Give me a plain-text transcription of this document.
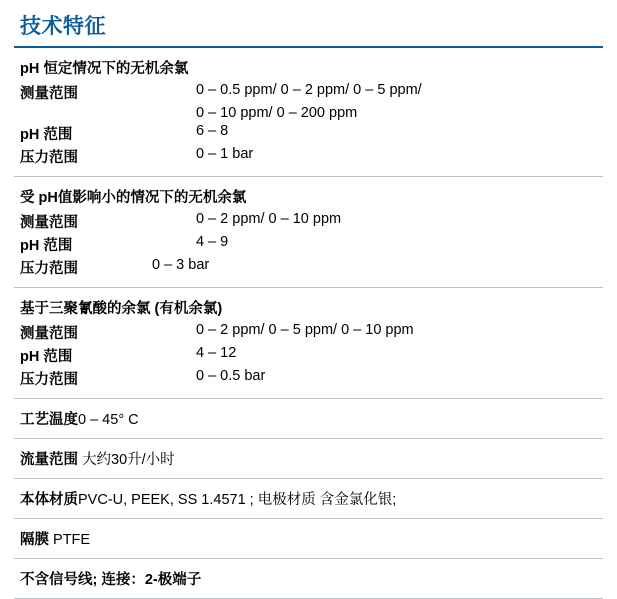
技术特征
pH 恒定情况下的无机余氯
测量范围	0 – 0.5 ppm/ 0 – 2 ppm/ 0 – 5 ppm/
0 – 10 ppm/ 0 – 200 ppm
pH 范围	6 – 8
压力范围	0 – 1 bar
受 pH值影响小的情况下的无机余氯
测量范围	0 – 2 ppm/ 0 – 10 ppm
pH 范围	4 – 9
压力范围	0 – 3 bar
基于三聚氰酸的余氯 (有机余氯)
测量范围	0 – 2 ppm/ 0 – 5 ppm/ 0 – 10 ppm
pH 范围	4 – 12
压力范围	0 – 0.5 bar
工艺温度0 – 45° C
流量范围 大约30升/小时
本体材质PVC-U, PEEK, SS 1.4571 ; 电极材质 含金氯化银;
隔膜 PTFE
不含信号线; 连接：2-极端子
